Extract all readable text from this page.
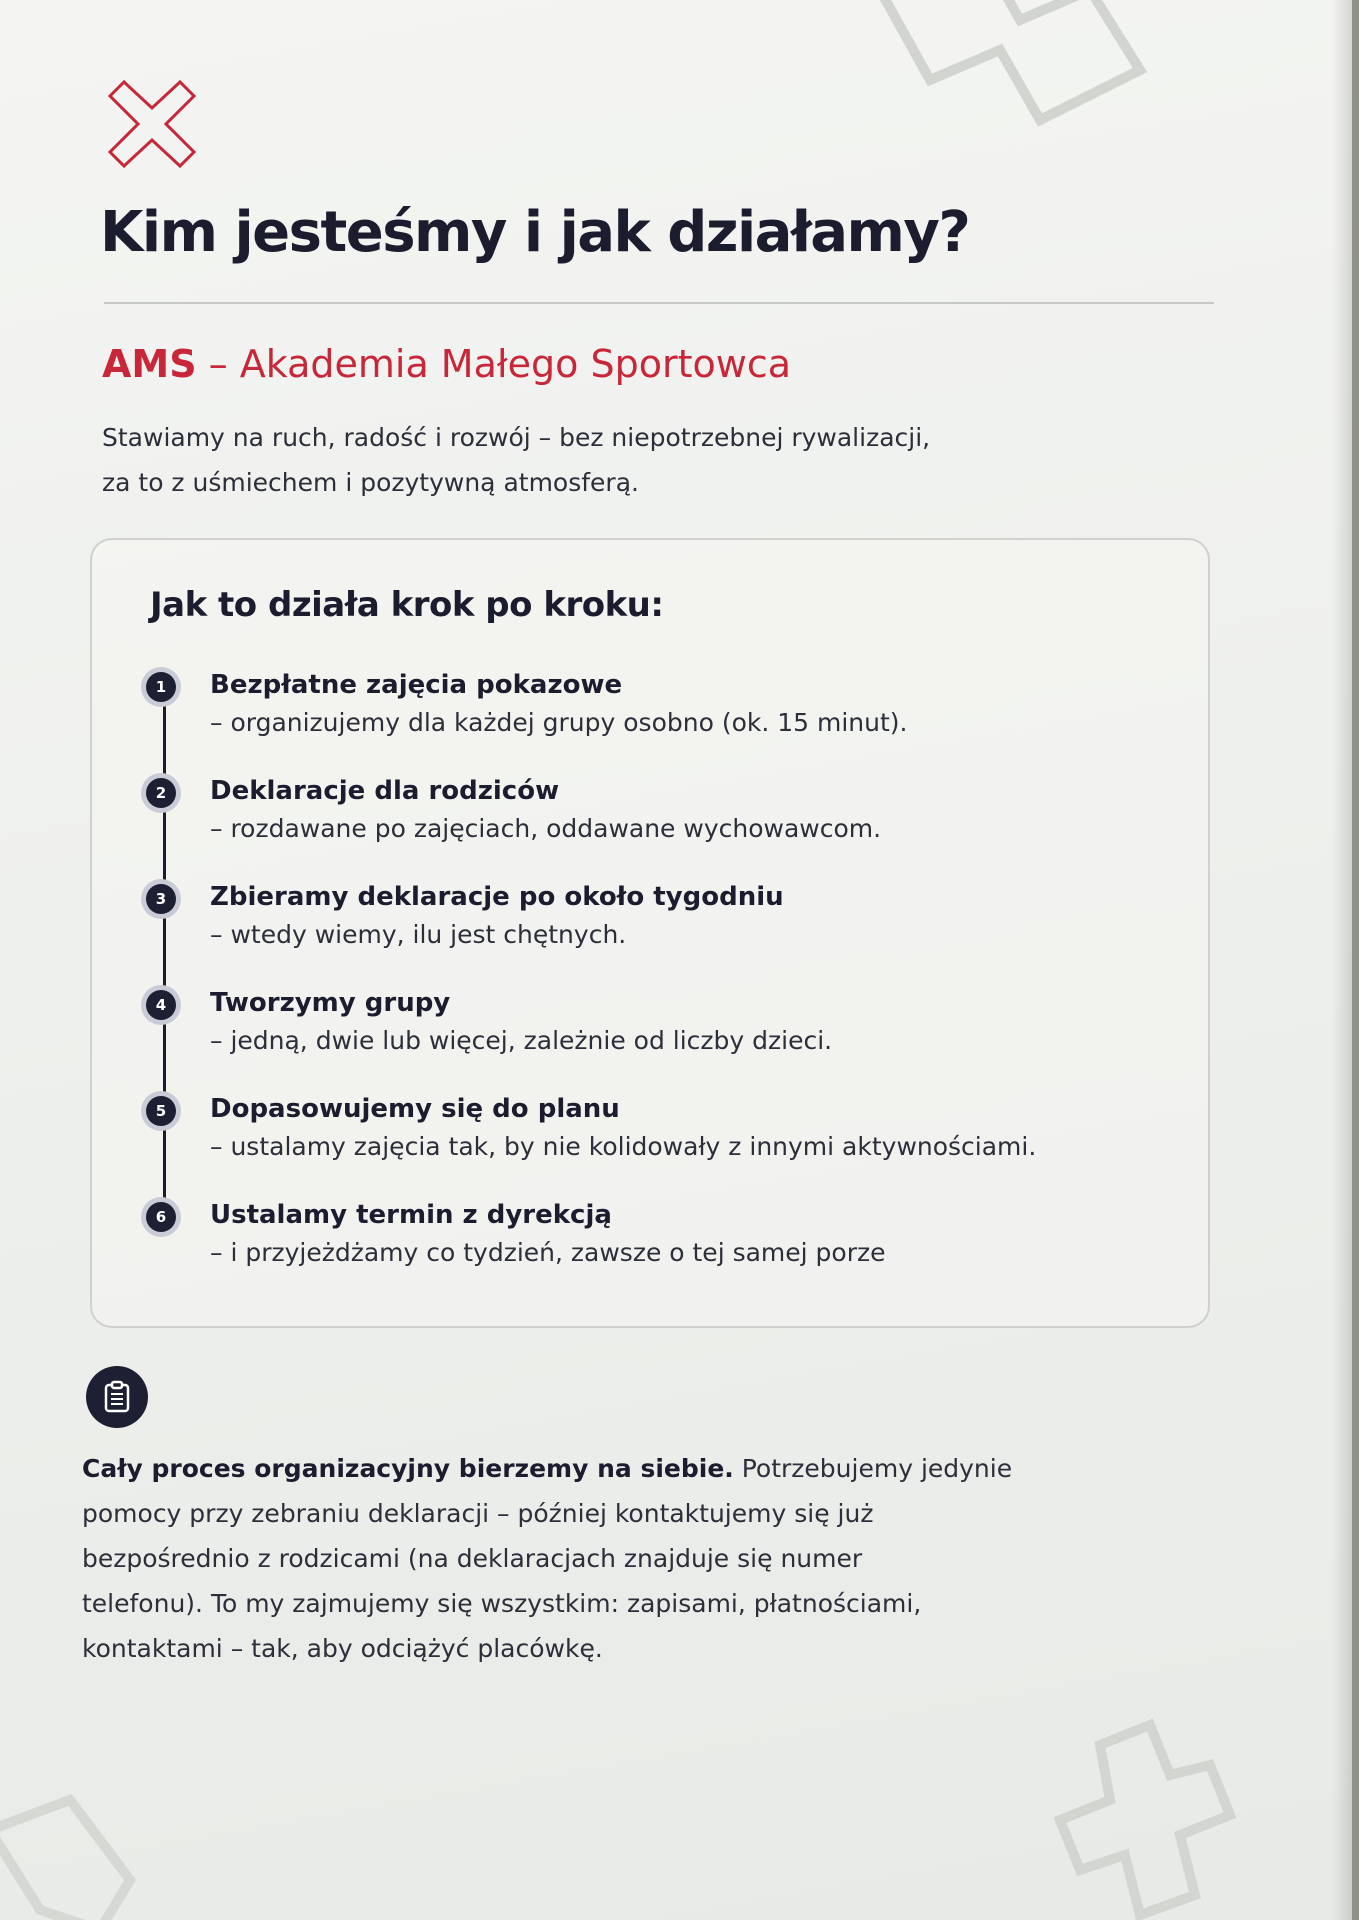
Kim jesteśmy i jak działamy?
AMS – Akademia Małego Sportowca
Stawiamy na ruch, radość i rozwój – bez niepotrzebnej rywalizacji,
za to z uśmiechem i pozytywną atmosferą.
Jak to działa krok po kroku:
1	Bezpłatne zajęcia pokazowe
– organizujemy dla każdej grupy osobno (ok. 15 minut).
2	Deklaracje dla rodziców
– rozdawane po zajęciach, oddawane wychowawcom.
3	Zbieramy deklaracje po około tygodniu
– wtedy wiemy, ilu jest chętnych.
4	Tworzymy grupy
– jedną, dwie lub więcej, zależnie od liczby dzieci.
5	Dopasowujemy się do planu
– ustalamy zajęcia tak, by nie kolidowały z innymi aktywnościami.
6	Ustalamy termin z dyrekcją
– i przyjeżdżamy co tydzień, zawsze o tej samej porze
Cały proces organizacyjny bierzemy na siebie. Potrzebujemy jedynie
pomocy przy zebraniu deklaracji – później kontaktujemy się już
bezpośrednio z rodzicami (na deklaracjach znajduje się numer
telefonu). To my zajmujemy się wszystkim: zapisami, płatnościami,
kontaktami – tak, aby odciążyć placówkę.
